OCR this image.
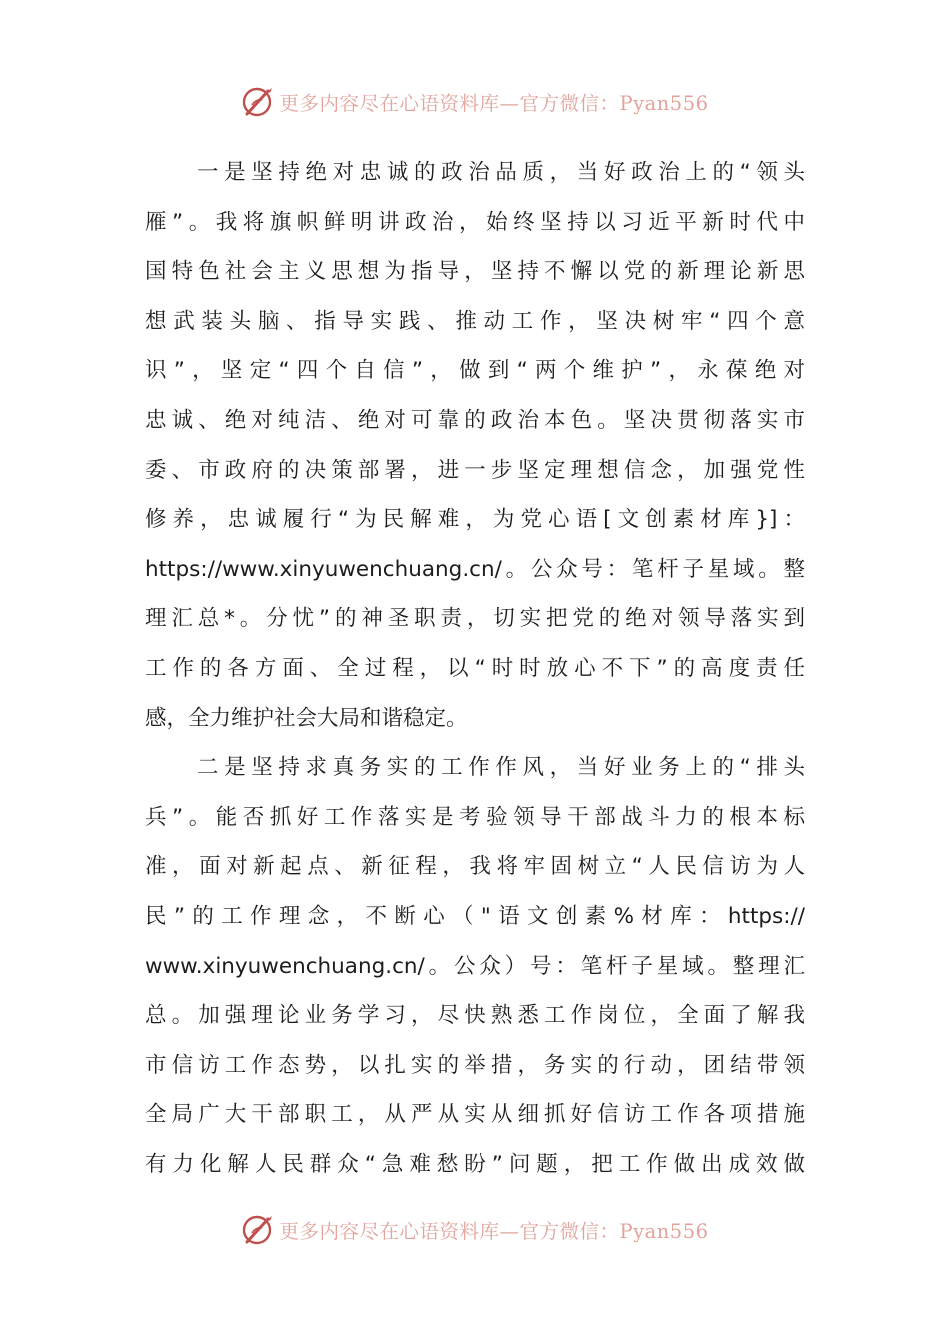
更多内容尽在心语资料库—官方微信：Pyan556
一是坚持绝对忠诚的政治品质，当好政治上的“领头
雁”。我将旗帜鲜明讲政治，始终坚持以习近平新时代中
国特色社会主义思想为指导，坚持不懈以党的新理论新思
想武装头脑、指导实践、推动工作，坚决树牢“四个意
识”，坚定“四个自信”，做到“两个维护”，永葆绝对
忠诚、绝对纯洁、绝对可靠的政治本色。坚决贯彻落实市
委、市政府的决策部署，进一步坚定理想信念，加强党性
修养，忠诚履行“为民解难，为党心语[文创素材库}]：
https://www.xinyuwenchuang.cn/。公众号：笔杆子星域。整
理汇总*。分忧”的神圣职责，切实把党的绝对领导落实到
工作的各方面、全过程，以“时时放心不下”的高度责任
感，全力维护社会大局和谐稳定。
二是坚持求真务实的工作作风，当好业务上的“排头
兵”。能否抓好工作落实是考验领导干部战斗力的根本标
准，面对新起点、新征程，我将牢固树立“人民信访为人
民”的工作理念，不断心（"语文创素%材库：https://
www.xinyuwenchuang.cn/。公众）号：笔杆子星域。整理汇
总。加强理论业务学习，尽快熟悉工作岗位，全面了解我
市信访工作态势，以扎实的举措，务实的行动，团结带领
全局广大干部职工，从严从实从细抓好信访工作各项措施
有力化解人民群众“急难愁盼”问题，把工作做出成效做
更多内容尽在心语资料库—官方微信：Pyan556
